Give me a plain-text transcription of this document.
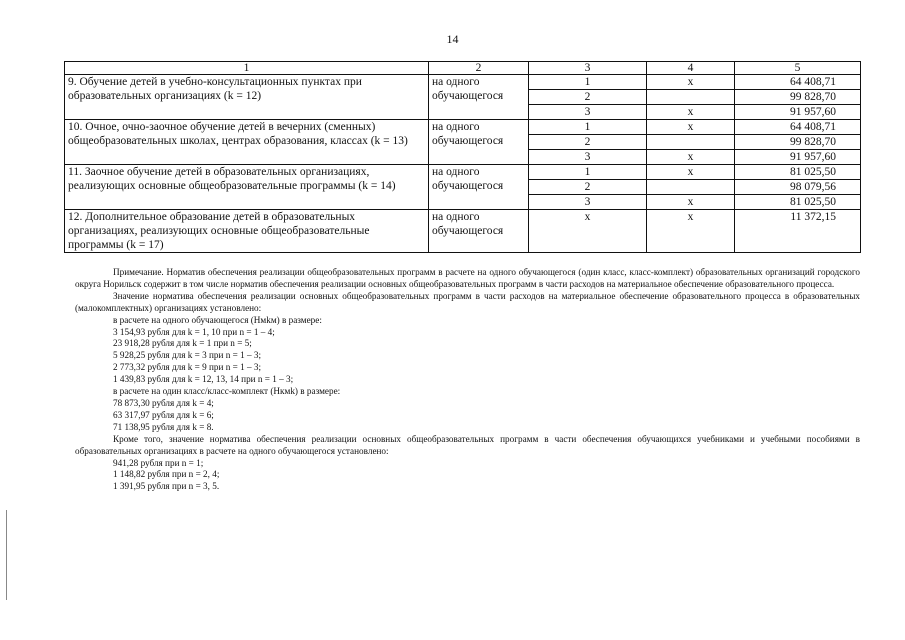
14
1	2	3	4	5
9. Обучение детей в учебно-консультационных пунктах при образовательных организациях (k = 12)	на одного обучающегося	1	х	64 408,71
		2		99 828,70
		3	х	91 957,60
10. Очное, очно-заочное обучение детей в вечерних (сменных) общеобразовательных школах, центрах образования, классах (k = 13)	на одного обучающегося	1	х	64 408,71
		2		99 828,70
		3	х	91 957,60
11. Заочное обучение детей в образовательных организациях, реализующих основные общеобразовательные программы (k = 14)	на одного обучающегося	1	х	81 025,50
		2		98 079,56
		3	х	81 025,50
12. Дополнительное образование детей в образовательных организациях, реализующих основные общеобразовательные программы (k = 17)	на одного обучающегося	х	х	11 372,15

Примечание. Норматив обеспечения реализации общеобразовательных программ в расчете на одного обучающегося (один класс, класс-комплект) образовательных организаций городского округа Норильск содержит в том числе норматив обеспечения реализации основных общеобразовательных программ в части расходов на материальное обеспечение образовательного процесса.

Значение норматива обеспечения реализации основных общеобразовательных программ в части расходов на материальное обеспечение образовательного процесса в образовательных (малокомплектных) организациях установлено:

в расчете на одного обучающегося (Нмkм) в размере:

3 154,93 рубля для k = 1, 10 при n = 1 – 4;

23 918,28 рубля для k = 1 при n = 5;

5 928,25 рубля для k = 3 при n = 1 – 3;

2 773,32 рубля для k = 9 при n = 1 – 3;

1 439,83 рубля для k = 12, 13, 14 при n = 1 – 3;

в расчете на один класс/класс-комплект (Нкмk) в размере:

78 873,30 рубля для k = 4;

63 317,97 рубля для k = 6;

71 138,95 рубля для k = 8.

Кроме того, значение норматива обеспечения реализации основных общеобразовательных программ в части обеспечения обучающихся учебниками и учебными пособиями в образовательных организациях в расчете на одного обучающегося установлено:

941,28 рубля при n = 1;

1 148,82 рубля при n = 2, 4;

1 391,95 рубля при n = 3, 5.
